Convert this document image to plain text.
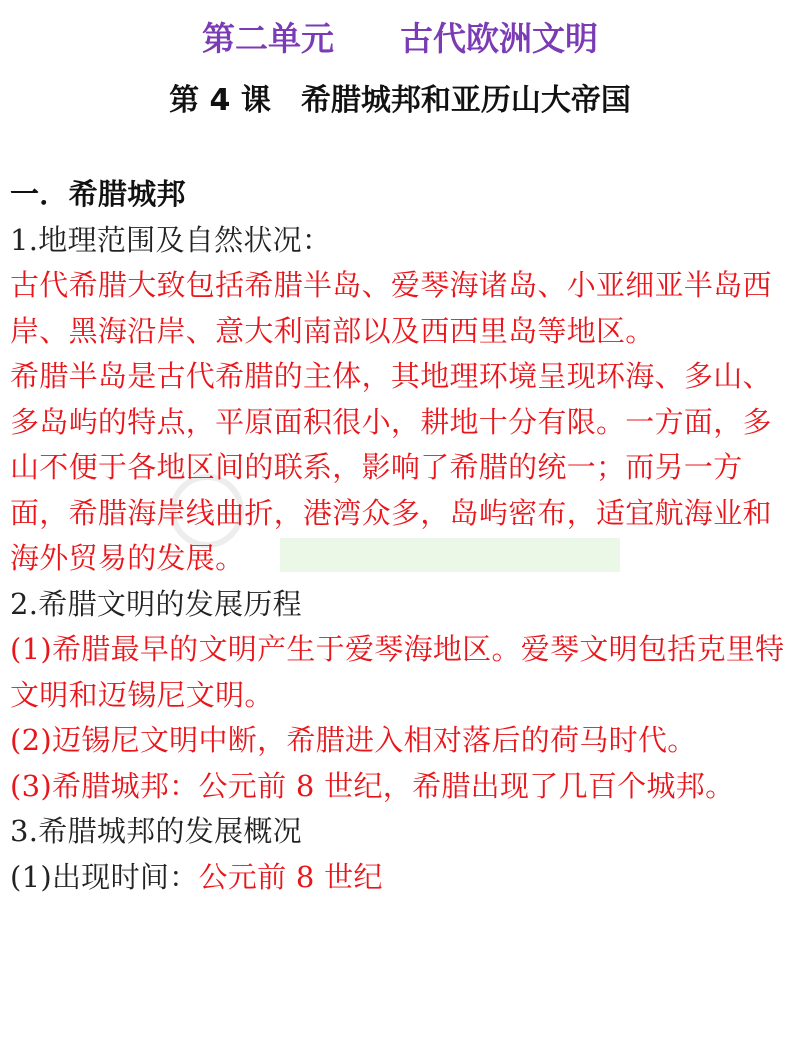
第二单元　　古代欧洲文明
第 4 课　希腊城邦和亚历山大帝国

一．希腊城邦

1.地理范围及自然状况：

古代希腊大致包括希腊半岛、爱琴海诸岛、小亚细亚半岛西岸、黑海沿岸、意大利南部以及西西里岛等地区。

希腊半岛是古代希腊的主体，其地理环境呈现环海、多山、多岛屿的特点，平原面积很小，耕地十分有限。一方面，多山不便于各地区间的联系，影响了希腊的统一；而另一方面，希腊海岸线曲折，港湾众多，岛屿密布，适宜航海业和海外贸易的发展。

2.希腊文明的发展历程

(1)希腊最早的文明产生于爱琴海地区。爱琴文明包括克里特文明和迈锡尼文明。

(2)迈锡尼文明中断，希腊进入相对落后的荷马时代。

(3)希腊城邦：公元前 8 世纪，希腊出现了几百个城邦。

3.希腊城邦的发展概况

(1)出现时间：公元前 8 世纪
